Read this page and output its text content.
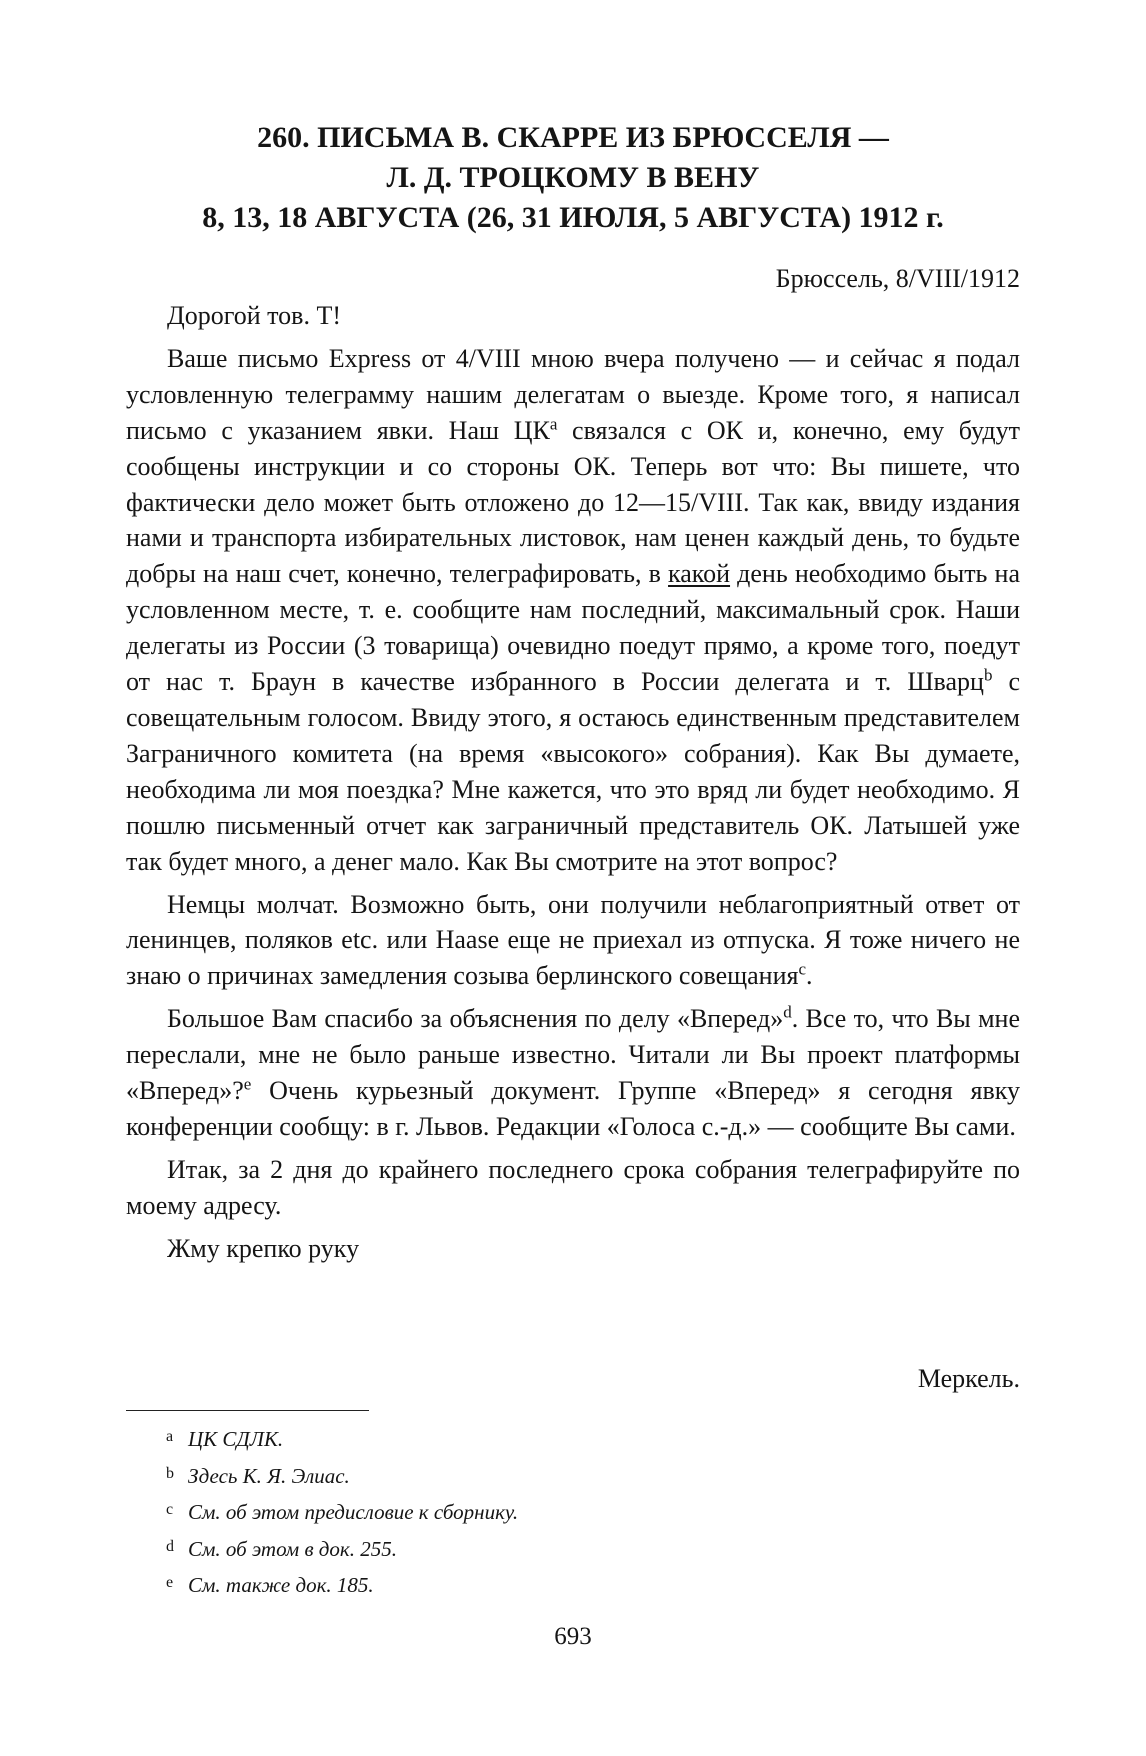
260. ПИСЬМА В. СКАРРЕ ИЗ БРЮССЕЛЯ —
Л. Д. ТРОЦКОМУ В ВЕНУ
8, 13, 18 АВГУСТА (26, 31 ИЮЛЯ, 5 АВГУСТА) 1912 г.
Брюссель, 8/VIII/1912

Дорогой тов. Т!

Ваше письмо Express от 4/VIII мною вчера получено — и сейчас я подал условленную телеграмму нашим делегатам о выезде. Кроме того, я написал письмо с указанием явки. Наш $ЦК^a$ связался с ОК и, конечно, ему будут сообщены инструкции и со стороны ОК. Теперь вот что: Вы пишете, что фактически дело может быть отложено до 12—15/VIII. Так как, ввиду издания нами и транспорта избирательных листовок, нам ценен каждый день, то будьте добры на наш счет, конечно, телеграфировать, в какой день необходимо быть на условленном месте, т. е. сообщите нам последний, максимальный срок. Наши делегаты из России (3 товарища) очевидно поедут прямо, а кроме того, поедут от нас т. Браун в качестве избранного в России делегата и т. Шварц$^b$ с совещательным голосом. Ввиду этого, я остаюсь единственным представителем Заграничного комитета (на время «высокого» собрания). Как Вы думаете, необходима ли моя поездка? Мне кажется, что это вряд ли будет необходимо. Я пошлю письменный отчет как заграничный представитель ОК. Латышей уже так будет много, а денег мало. Как Вы смотрите на этот вопрос?

Немцы молчат. Возможно быть, они получили неблагоприятный ответ от ленинцев, поляков etc. или Haase еще не приехал из отпуска. Я тоже ничего не знаю о причинах замедления созыва берлинского совещания$^c$.

Большое Вам спасибо за объяснения по делу «Вперед»$^d$. Все то, что Вы мне переслали, мне не было раньше известно. Читали ли Вы проект платформы «Вперед»?$^e$ Очень курьезный документ. Группе «Вперед» я сегодня явку конференции сообщу: в г. Львов. Редакции «Голоса с.-д.» — сообщите Вы сами.

Итак, за 2 дня до крайнего последнего срока собрания телеграфируйте по моему адресу.

Жму крепко руку

Меркель.
a ЦК СДЛК.
b Здесь К. Я. Элиас.
c См. об этом предисловие к сборнику.
d См. об этом в док. 255.
e См. также док. 185.
693
